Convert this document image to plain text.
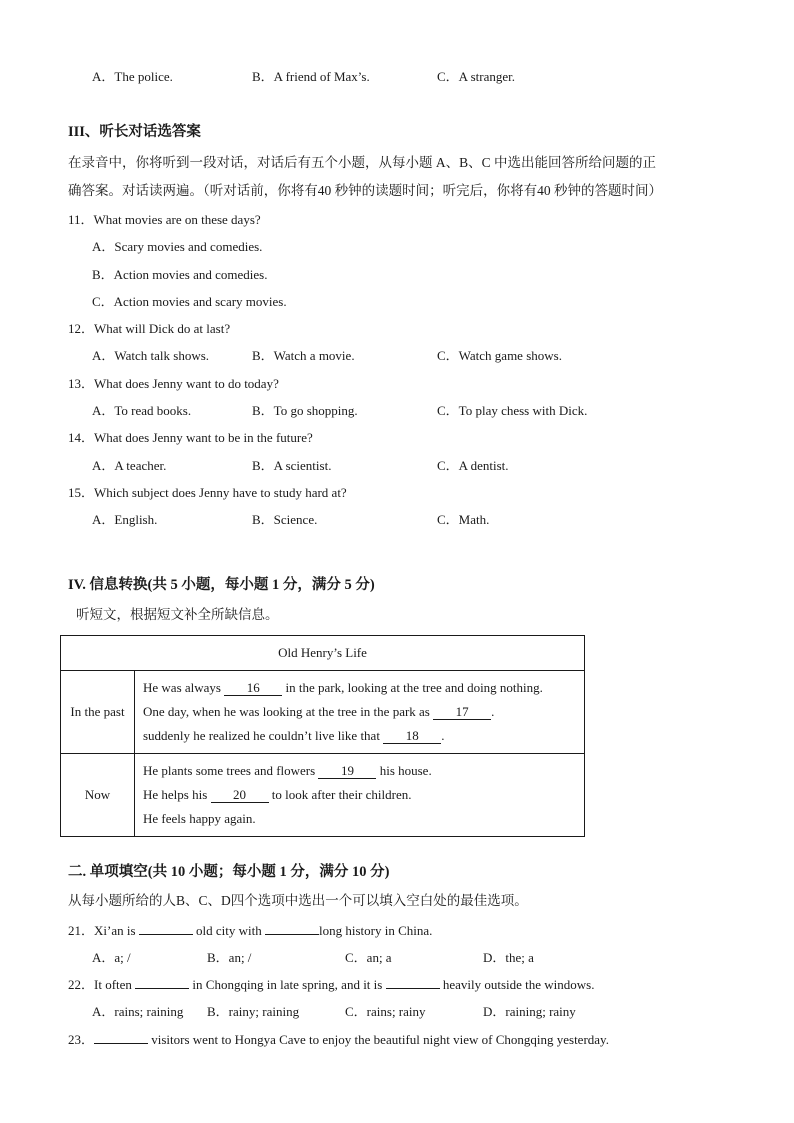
A．The police.	B．A friend of Max’s.	C．A stranger.
III、听长对话选答案
在录音中，你将听到一段对话，对话后有五个小题，从每小题 A、B、C 中选出能回答所给问题的正
确答案。对话读两遍。（听对话前，你将有40 秒钟的读题时间；听完后，你将有40 秒钟的答题时间）
11．What movies are on these days?
A．Scary movies and comedies.
B．Action movies and comedies.
C．Action movies and scary movies.
12．What will Dick do at last?
A．Watch talk shows.	B．Watch a movie.	C．Watch game shows.
13．What does Jenny want to do today?
A．To read books.	B．To go shopping.	C．To play chess with Dick.
14．What does Jenny want to be in the future?
A．A teacher.	B．A scientist.	C．A dentist.
15．Which subject does Jenny have to study hard at?
A．English.	B．Science.	C．Math.
IV. 信息转换(共 5 小题，每小题 1 分，满分 5 分)
听短文，根据短文补全所缺信息。
Old Henry’s Life	
In the past	He was always 16 in the park, looking at the tree and doing nothing.
One day, when he was looking at the tree in the park as 17 .
suddenly he realized he couldn’t live like that 18 .

Now	He plants some trees and flowers 19 his house.
He helps his 20 to look after their children.
He feels happy again.
二. 单项填空(共 10 小题；每小题 1 分，满分 10 分)
从每小题所给的人B、C、D四个选项中选出一个可以填入空白处的最佳选项。
21．Xi’an is	old city with	long history in China.
A．a; /	B．an; /	C．an; a	D．the; a
22．It often	in Chongqing in late spring, and it is	heavily outside the windows.
A．rains; raining B．rainy; raining	C．rains; rainy	D．raining; rainy
23．	visitors went to Hongya Cave to enjoy the beautiful night view of Chongqing yesterday.
